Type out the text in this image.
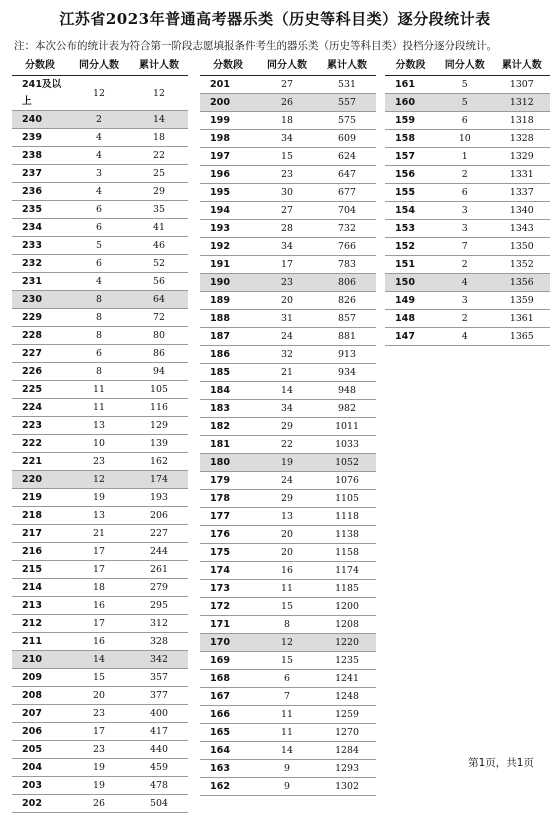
江苏省2023年普通高考器乐类（历史等科目类）逐分段统计表
注：本次公布的统计表为符合第一阶段志愿填报条件考生的器乐类（历史等科目类）投档分逐分段统计。
分数段	同分人数	累计人数
241及以上	12	12
240	2	14
239	4	18
238	4	22
237	3	25
236	4	29
235	6	35
234	6	41
233	5	46
232	6	52
231	4	56
230	8	64
229	8	72
228	8	80
227	6	86
226	8	94
225	11	105
224	11	116
223	13	129
222	10	139
221	23	162
220	12	174
219	19	193
218	13	206
217	21	227
216	17	244
215	17	261
214	18	279
213	16	295
212	17	312
211	16	328
210	14	342
209	15	357
208	20	377
207	23	400
206	17	417
205	23	440
204	19	459
203	19	478
202	26	504
分数段	同分人数	累计人数
201	27	531
200	26	557
199	18	575
198	34	609
197	15	624
196	23	647
195	30	677
194	27	704
193	28	732
192	34	766
191	17	783
190	23	806
189	20	826
188	31	857
187	24	881
186	32	913
185	21	934
184	14	948
183	34	982
182	29	1011
181	22	1033
180	19	1052
179	24	1076
178	29	1105
177	13	1118
176	20	1138
175	20	1158
174	16	1174
173	11	1185
172	15	1200
171	8	1208
170	12	1220
169	15	1235
168	6	1241
167	7	1248
166	11	1259
165	11	1270
164	14	1284
163	9	1293
162	9	1302
分数段	同分人数	累计人数
161	5	1307
160	5	1312
159	6	1318
158	10	1328
157	1	1329
156	2	1331
155	6	1337
154	3	1340
153	3	1343
152	7	1350
151	2	1352
150	4	1356
149	3	1359
148	2	1361
147	4	1365
第1页，共1页
